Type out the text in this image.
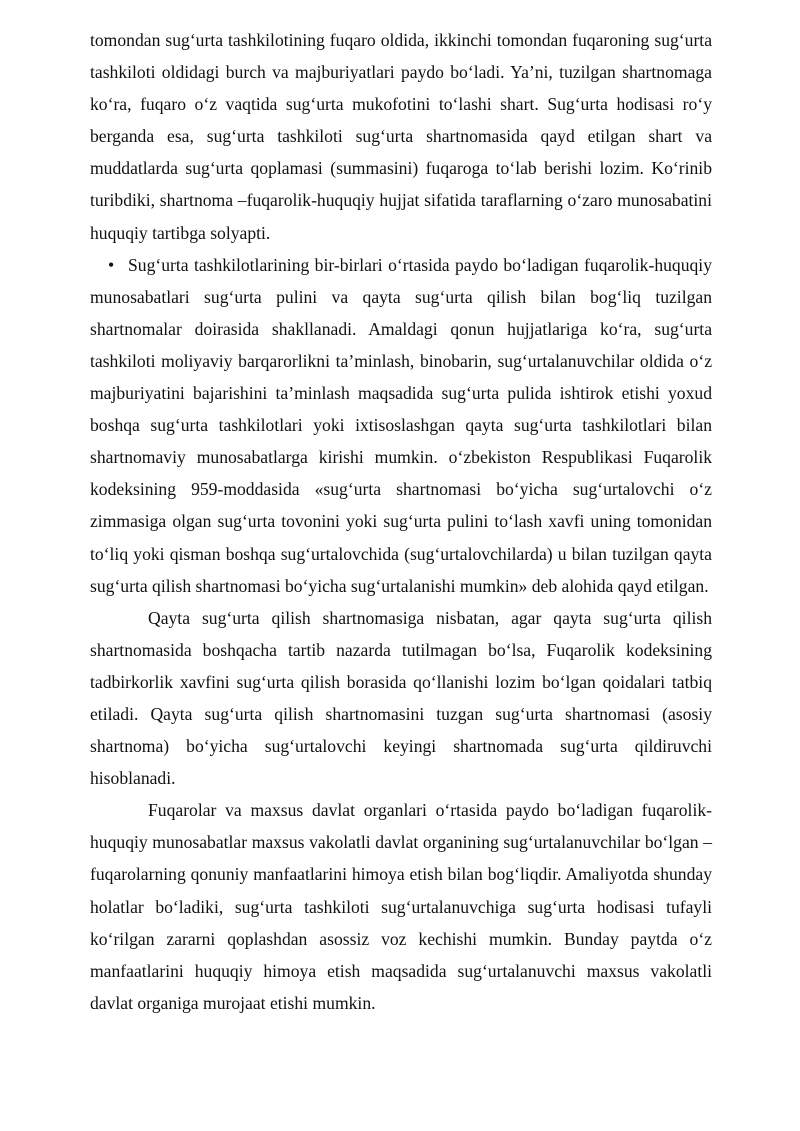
tomondan sug‘urta tashkilotining fuqaro oldida, ikkinchi tomondan fuqaroning sug‘urta tashkiloti oldidagi burch va majburiyatlari paydo bo‘ladi. Ya’ni, tuzilgan shartnomaga ko‘ra, fuqaro o‘z vaqtida sug‘urta mukofotini to‘lashi shart. Sug‘urta hodisasi ro‘y berganda esa, sug‘urta tashkiloti sug‘urta shartnomasida qayd etilgan shart va muddatlarda sug‘urta qoplamasi (summasini) fuqaroga to‘lab berishi lozim. Ko‘rinib turibdiki, shartnoma –fuqarolik-huquqiy hujjat sifatida taraflarning o‘zaro munosabatini huquqiy tartibga solyapti.

• Sug‘urta tashkilotlarining bir-birlari o‘rtasida paydo bo‘ladigan fuqarolik-huquqiy munosabatlari sug‘urta pulini va qayta sug‘urta qilish bilan bog‘liq tuzilgan shartnomalar doirasida shakllanadi. Amaldagi qonun hujjatlariga ko‘ra, sug‘urta tashkiloti moliyaviy barqarorlikni ta’minlash, binobarin, sug‘urtalanuvchilar oldida o‘z majburiyatini bajarishini ta’minlash maqsadida sug‘urta pulida ishtirok etishi yoxud boshqa sug‘urta tashkilotlari yoki ixtisoslashgan qayta sug‘urta tashkilotlari bilan shartnomaviy munosabatlarga kirishi mumkin. o‘zbekiston Respublikasi Fuqarolik kodeksining 959-moddasida «sug‘urta shartnomasi bo‘yicha sug‘urtalovchi o‘z zimmasiga olgan sug‘urta tovonini yoki sug‘urta pulini to‘lash xavfi uning tomonidan to‘liq yoki qisman boshqa sug‘urtalovchida (sug‘urtalovchilarda) u bilan tuzilgan qayta sug‘urta qilish shartnomasi bo‘yicha sug‘urtalanishi mumkin» deb alohida qayd etilgan.

Qayta sug‘urta qilish shartnomasiga nisbatan, agar qayta sug‘urta qilish shartnomasida boshqacha tartib nazarda tutilmagan bo‘lsa, Fuqarolik kodeksining tadbirkorlik xavfini sug‘urta qilish borasida qo‘llanishi lozim bo‘lgan qoidalari tatbiq etiladi. Qayta sug‘urta qilish shartnomasini tuzgan sug‘urta shartnomasi (asosiy shartnoma) bo‘yicha sug‘urtalovchi keyingi shartnomada sug‘urta qildiruvchi hisoblanadi.

Fuqarolar va maxsus davlat organlari o‘rtasida paydo bo‘ladigan fuqarolik-huquqiy munosabatlar maxsus vakolatli davlat organining sug‘urtalanuvchilar bo‘lgan – fuqarolarning qonuniy manfaatlarini himoya etish bilan bog‘liqdir. Amaliyotda shunday holatlar bo‘ladiki, sug‘urta tashkiloti sug‘urtalanuvchiga sug‘urta hodisasi tufayli ko‘rilgan zararni qoplashdan asossiz voz kechishi mumkin. Bunday paytda o‘z manfaatlarini huquqiy himoya etish maqsadida sug‘urtalanuvchi maxsus vakolatli davlat organiga murojaat etishi mumkin.
